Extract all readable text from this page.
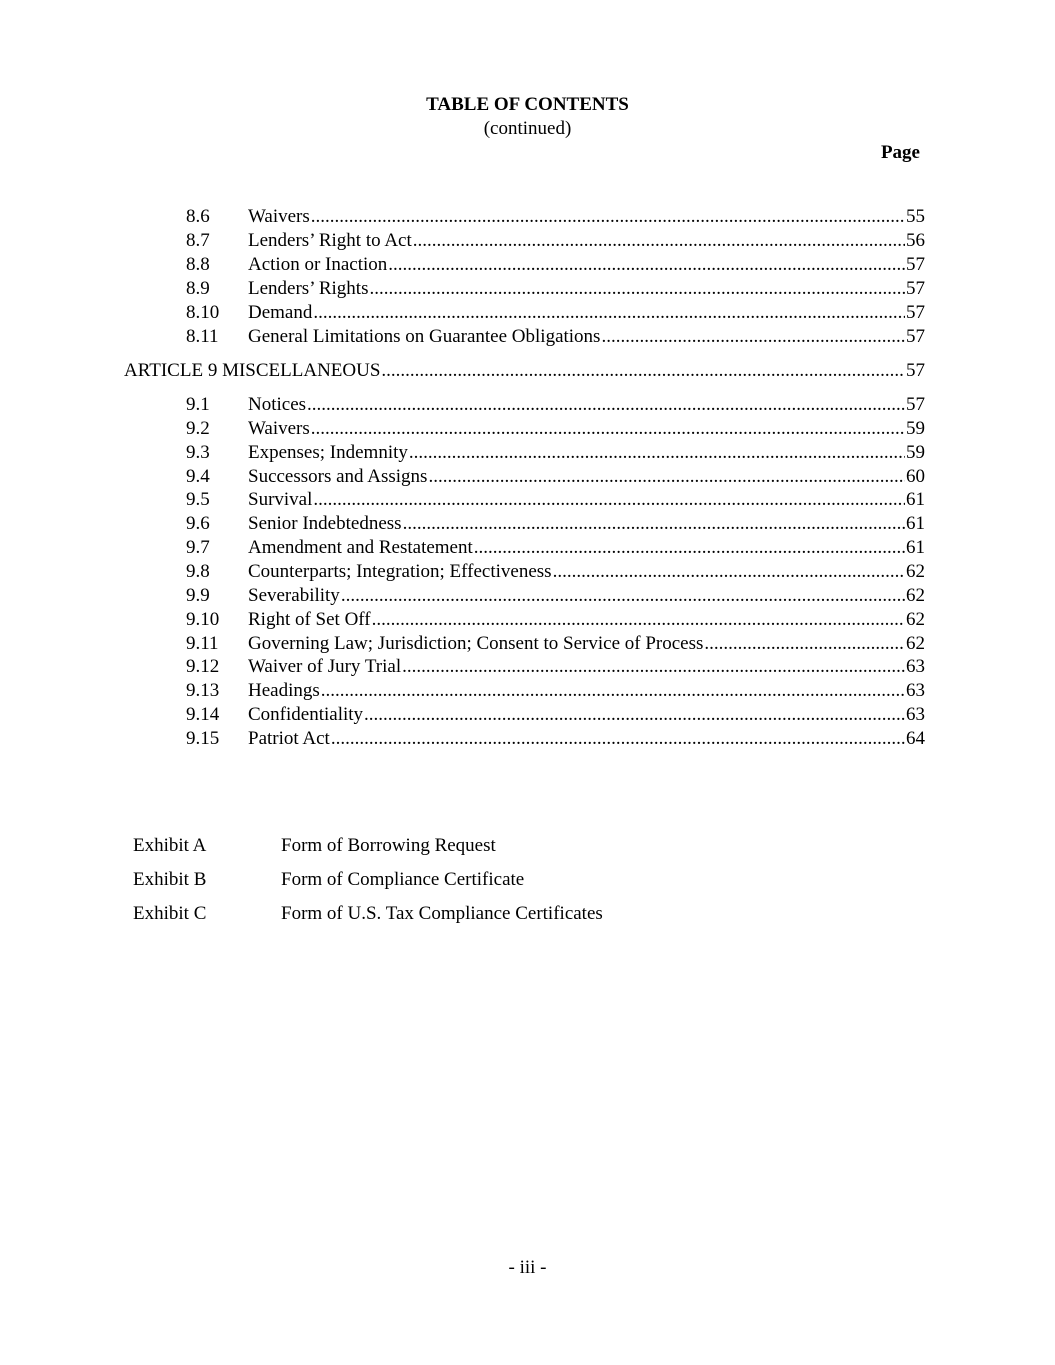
TABLE OF CONTENTS
(continued)
Page
8.6	Waivers .....	55
8.7	Lenders’ Right to Act .....	56
8.8	Action or Inaction .....	57
8.9	Lenders’ Rights .....	57
8.10	Demand .....	57
8.11	General Limitations on Guarantee Obligations .....	57
ARTICLE 9 MISCELLANEOUS .....	57
9.1	Notices .....	57
9.2	Waivers .....	59
9.3	Expenses; Indemnity .....	59
9.4	Successors and Assigns .....	60
9.5	Survival .....	61
9.6	Senior Indebtedness .....	61
9.7	Amendment and Restatement .....	61
9.8	Counterparts; Integration; Effectiveness .....	62
9.9	Severability .....	62
9.10	Right of Set Off .....	62
9.11	Governing Law; Jurisdiction; Consent to Service of Process .....	62
9.12	Waiver of Jury Trial .....	63
9.13	Headings .....	63
9.14	Confidentiality .....	63
9.15	Patriot Act .....	64
Exhibit A	Form of Borrowing Request
Exhibit B	Form of Compliance Certificate
Exhibit C	Form of U.S. Tax Compliance Certificates
- iii -
